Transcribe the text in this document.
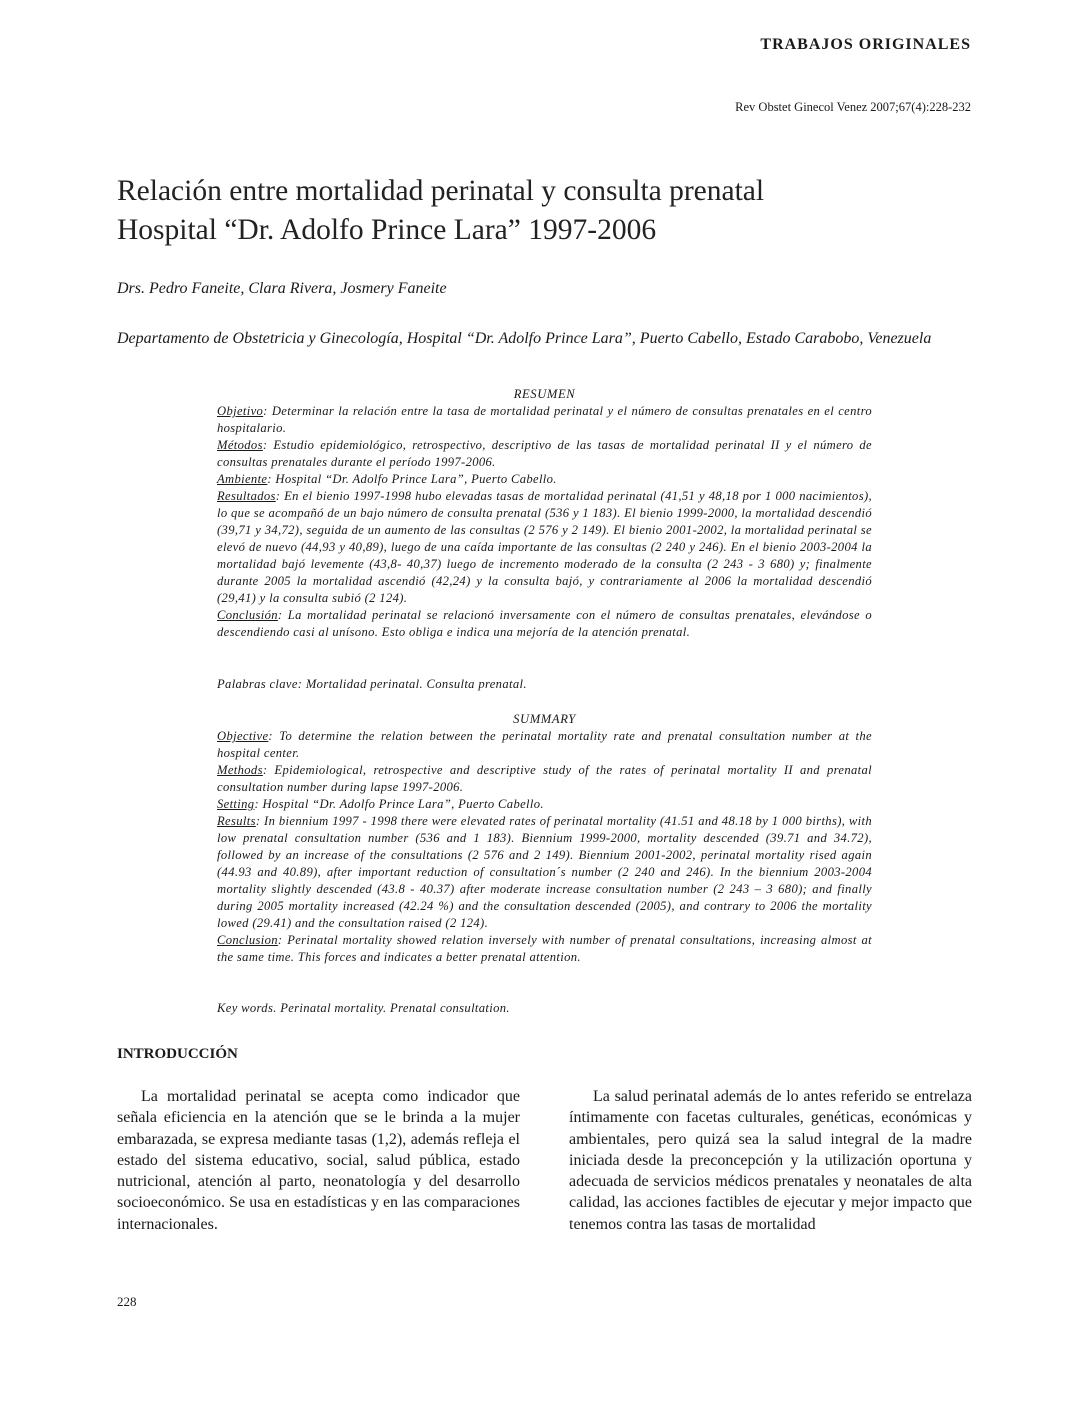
TRABAJOS ORIGINALES
Rev Obstet Ginecol Venez 2007;67(4):228-232
Relación entre mortalidad perinatal y consulta prenatal
Hospital “Dr. Adolfo Prince Lara” 1997-2006
Drs. Pedro Faneite, Clara Rivera, Josmery Faneite
Departamento de Obstetricia y Ginecología, Hospital “Dr. Adolfo Prince Lara”, Puerto Cabello, Estado Carabobo, Venezuela

RESUMEN

Objetivo: Determinar la relación entre la tasa de mortalidad perinatal y el número de consultas prenatales en el centro hospitalario.

Métodos: Estudio epidemiológico, retrospectivo, descriptivo de las tasas de mortalidad perinatal II y el número de consultas prenatales durante el período 1997-2006.

Ambiente: Hospital “Dr. Adolfo Prince Lara”, Puerto Cabello.

Resultados: En el bienio 1997-1998 hubo elevadas tasas de mortalidad perinatal (41,51 y 48,18 por 1 000 nacimientos), lo que se acompañó de un bajo número de consulta prenatal (536 y 1 183). El bienio 1999-2000, la mortalidad descendió (39,71 y 34,72), seguida de un aumento de las consultas (2 576 y 2 149). El bienio 2001-2002, la mortalidad perinatal se elevó de nuevo (44,93 y 40,89), luego de una caída importante de las consultas (2 240 y 246). En el bienio 2003-2004 la mortalidad bajó levemente (43,8- 40,37) luego de incremento moderado de la consulta (2 243 - 3 680) y; finalmente durante 2005 la mortalidad ascendió (42,24) y la consulta bajó, y contrariamente al 2006 la mortalidad descendió (29,41) y la consulta subió (2 124).

Conclusión: La mortalidad perinatal se relacionó inversamente con el número de consultas prenatales, elevándose o descendiendo casi al unísono. Esto obliga e indica una mejoría de la atención prenatal.

Palabras clave: Mortalidad perinatal. Consulta prenatal.

SUMMARY

Objective: To determine the relation between the perinatal mortality rate and prenatal consultation number at the hospital center.

Methods: Epidemiological, retrospective and descriptive study of the rates of perinatal mortality II and prenatal consultation number during lapse 1997-2006.

Setting: Hospital “Dr. Adolfo Prince Lara”, Puerto Cabello.

Results: In biennium 1997 - 1998 there were elevated rates of perinatal mortality (41.51 and 48.18 by 1 000 births), with low prenatal consultation number (536 and 1 183). Biennium 1999-2000, mortality descended (39.71 and 34.72), followed by an increase of the consultations (2 576 and 2 149). Biennium 2001-2002, perinatal mortality rised again (44.93 and 40.89), after important reduction of consultation´s number (2 240 and 246). In the biennium 2003-2004 mortality slightly descended (43.8 - 40.37) after moderate increase consultation number (2 243 – 3 680); and finally during 2005 mortality increased (42.24 %) and the consultation descended (2005), and contrary to 2006 the mortality lowed (29.41) and the consultation raised (2 124).

Conclusion: Perinatal mortality showed relation inversely with number of prenatal consultations, increasing almost at the same time. This forces and indicates a better prenatal attention.

Key words. Perinatal mortality. Prenatal consultation.
INTRODUCCIÓN

La mortalidad perinatal se acepta como indicador que señala eficiencia en la atención que se le brinda a la mujer embarazada, se expresa mediante tasas (1,2), además refleja el estado del sistema educativo, social, salud pública, estado nutricional, atención al parto, neonatología y del desarrollo socioeconómico. Se usa en estadísticas y en las comparaciones internacionales.

La salud perinatal además de lo antes referido se entrelaza íntimamente con facetas culturales, genéticas, económicas y ambientales, pero quizá sea la salud integral de la madre iniciada desde la preconcepción y la utilización oportuna y adecuada de servicios médicos prenatales y neonatales de alta calidad, las acciones factibles de ejecutar y mejor impacto que tenemos contra las tasas de mortalidad

228
